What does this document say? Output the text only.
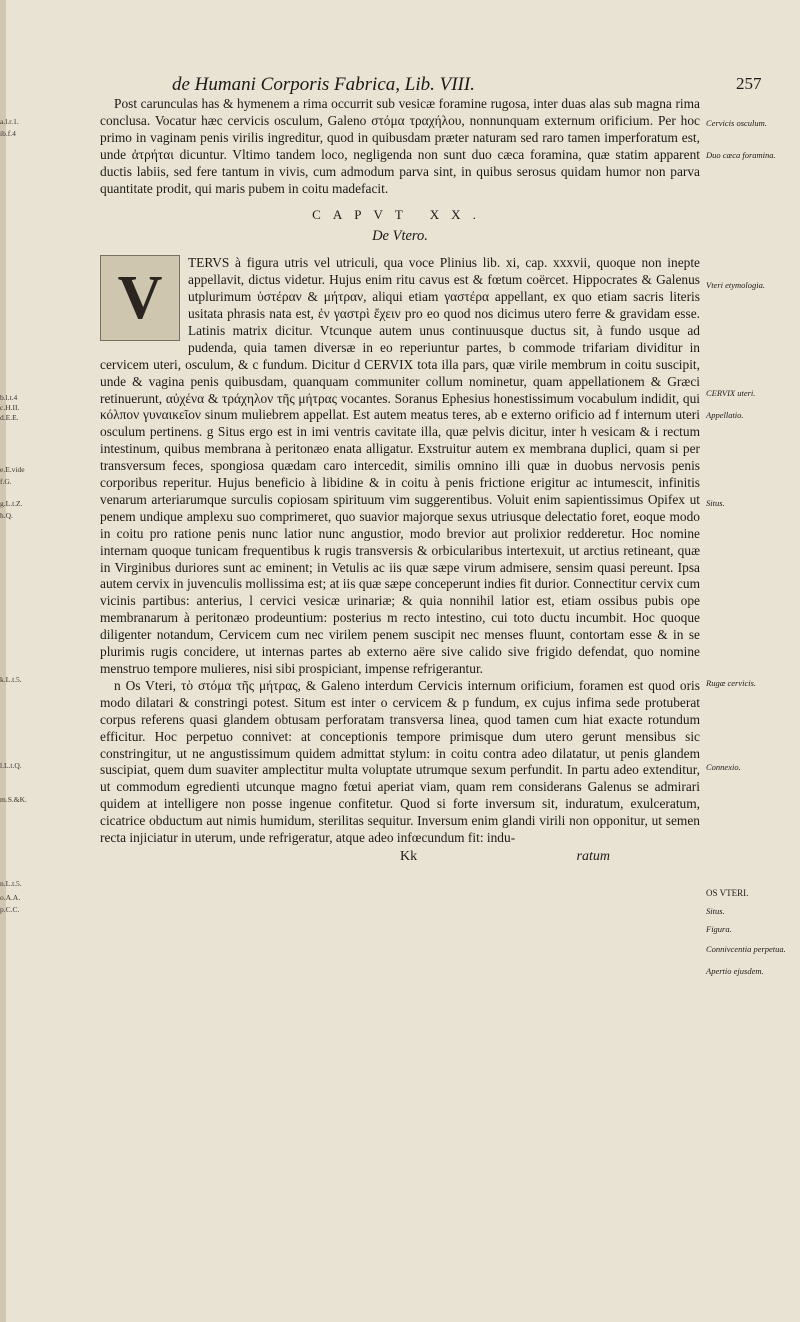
de Humani Corporis Fabrica, Lib. VIII.	257
a.l.r.1.
ib.f.4
b.l.t.4
c.H.II.
d.E.E.
e.E.vide
f.G.
g.L.t.Z.
h.Q.
k.L.t.5.
l.L.t.Q.
m.S.&K.
n.L.t.5.
o.A.A.
p.C.C.
Cervicis osculum.
Duo cæca foramina.
Vteri etymologia.
CERVIX uteri.
Appellatio.
Situs.
Rugæ cervicis.
Connexio.
OS VTERI.
Situs.
Figura.
Connivcentia perpetua.
Apertio ejusdem.

Post carunculas has & hymenem a rima occurrit sub vesicæ foramine rugosa, inter duas alas sub magna rima conclusa. Vocatur hæc cervicis osculum, Galeno στόμα τραχήλου, nonnunquam externum orificium. Per hoc primo in vaginam penis virilis ingreditur, quod in quibusdam præter naturam sed raro tamen imperforatum est, unde ἀτρήται dicuntur. Vltimo tandem loco, negligenda non sunt duo cæca foramina, quæ statim apparent ductis labiis, sed fere tantum in vivis, cum admodum parva sint, in quibus serosus quidam humor non parva quantitate prodit, qui maris pubem in coitu madefacit.

CAPVT XX.
De Vtero.
V

TERVS à figura utris vel utriculi, qua voce Plinius lib. xi, cap. xxxvii, quoque non inepte appellavit, dictus videtur. Hujus enim ritu cavus est & fœtum coërcet. Hippocrates & Galenus utplurimum ὑστέραν & μήτραν, aliqui etiam γαστέρα appellant, ex quo etiam sacris literis usitata phrasis nata est, ἐν γαστρὶ ἔχειν pro eo quod nos dicimus utero ferre & gravidam esse. Latinis matrix dicitur. Vtcunque autem unus continuusque ductus sit, à fundo usque ad pudenda, quia tamen diversæ in eo reperiuntur partes, b commode trifariam dividitur in cervicem uteri, osculum, & c fundum. Dicitur d CERVIX tota illa pars, quæ virile membrum in coitu suscipit, unde & vagina penis quibusdam, quanquam communiter collum nominetur, quam appellationem & Græci retinuerunt, αὐχένα & τράχηλον τῆς μήτρας vocantes. Soranus Ephesius honestissimum vocabulum indidit, qui κόλπον γυναικεῖον sinum muliebrem appellat. Est autem meatus teres, ab e externo orificio ad f internum uteri osculum pertinens. g Situs ergo est in imi ventris cavitate illa, quæ pelvis dicitur, inter h vesicam & i rectum intestinum, quibus membrana à peritonæo enata alligatur. Exstruitur autem ex membrana duplici, quam si per transversum feces, spongiosa quædam caro intercedit, similis omnino illi quæ in duobus nervosis penis corporibus reperitur. Hujus beneficio à libidine & in coitu à penis frictione erigitur ac intumescit, infinitis venarum arteriarumque surculis copiosam spirituum vim suggerentibus. Voluit enim sapientissimus Opifex ut penem undique amplexu suo comprimeret, quo suavior majorque sexus utriusque delectatio foret, eoque modo in coitu pro ratione penis nunc latior nunc angustior, modo brevior aut prolixior redderetur. Hoc nomine internam quoque tunicam frequentibus k rugis transversis & orbicularibus intertexuit, ut arctius retineant, quæ in Virginibus duriores sunt ac eminent; in Vetulis ac iis quæ sæpe virum admisere, sensim quasi pereunt. Ipsa autem cervix in juvenculis mollissima est; at iis quæ sæpe conceperunt indies fit durior. Connectitur cervix cum vicinis partibus: anterius, l cervici vesicæ urinariæ; & quia nonnihil latior est, etiam ossibus pubis ope membranarum à peritonæo prodeuntium: posterius m recto intestino, cui toto ductu incumbit. Hoc quoque diligenter notandum, Cervicem cum nec virilem penem suscipit nec menses fluunt, contortam esse & in se plurimis rugis concidere, ut internas partes ab externo aëre sive calido sive frigido defendat, quo nomine menstruo tempore mulieres, nisi sibi prospiciant, impense refrigerantur.

n Os Vteri, τὸ στόμα τῆς μήτρας, & Galeno interdum Cervicis internum orificium, foramen est quod oris modo dilatari & constringi potest. Situm est inter o cervicem & p fundum, ex cujus infima sede protuberat corpus referens quasi glandem obtusam perforatam transversa linea, quod tamen cum hiat exacte rotundum efficitur. Hoc perpetuo connivet: at conceptionis tempore primisque dum utero gerunt mensibus sic constringitur, ut ne angustissimum quidem admittat stylum: in coitu contra adeo dilatatur, ut penis glandem suscipiat, quem dum suaviter amplectitur multa voluptate utrumque sexum perfundit. In partu adeo extenditur, ut commodum egredienti utcunque magno fœtui aperiat viam, quam rem considerans Galenus se admirari quidem at intelligere non posse ingenue confitetur. Quod si forte inversum sit, induratum, exulceratum, cicatrice obductum aut nimis humidum, sterilitas sequitur. Inversum enim glandi virili non opponitur, ut semen recta injiciatur in uterum, unde refrigeratur, atque adeo infœcundum fit: indu-

Kk	ratum
